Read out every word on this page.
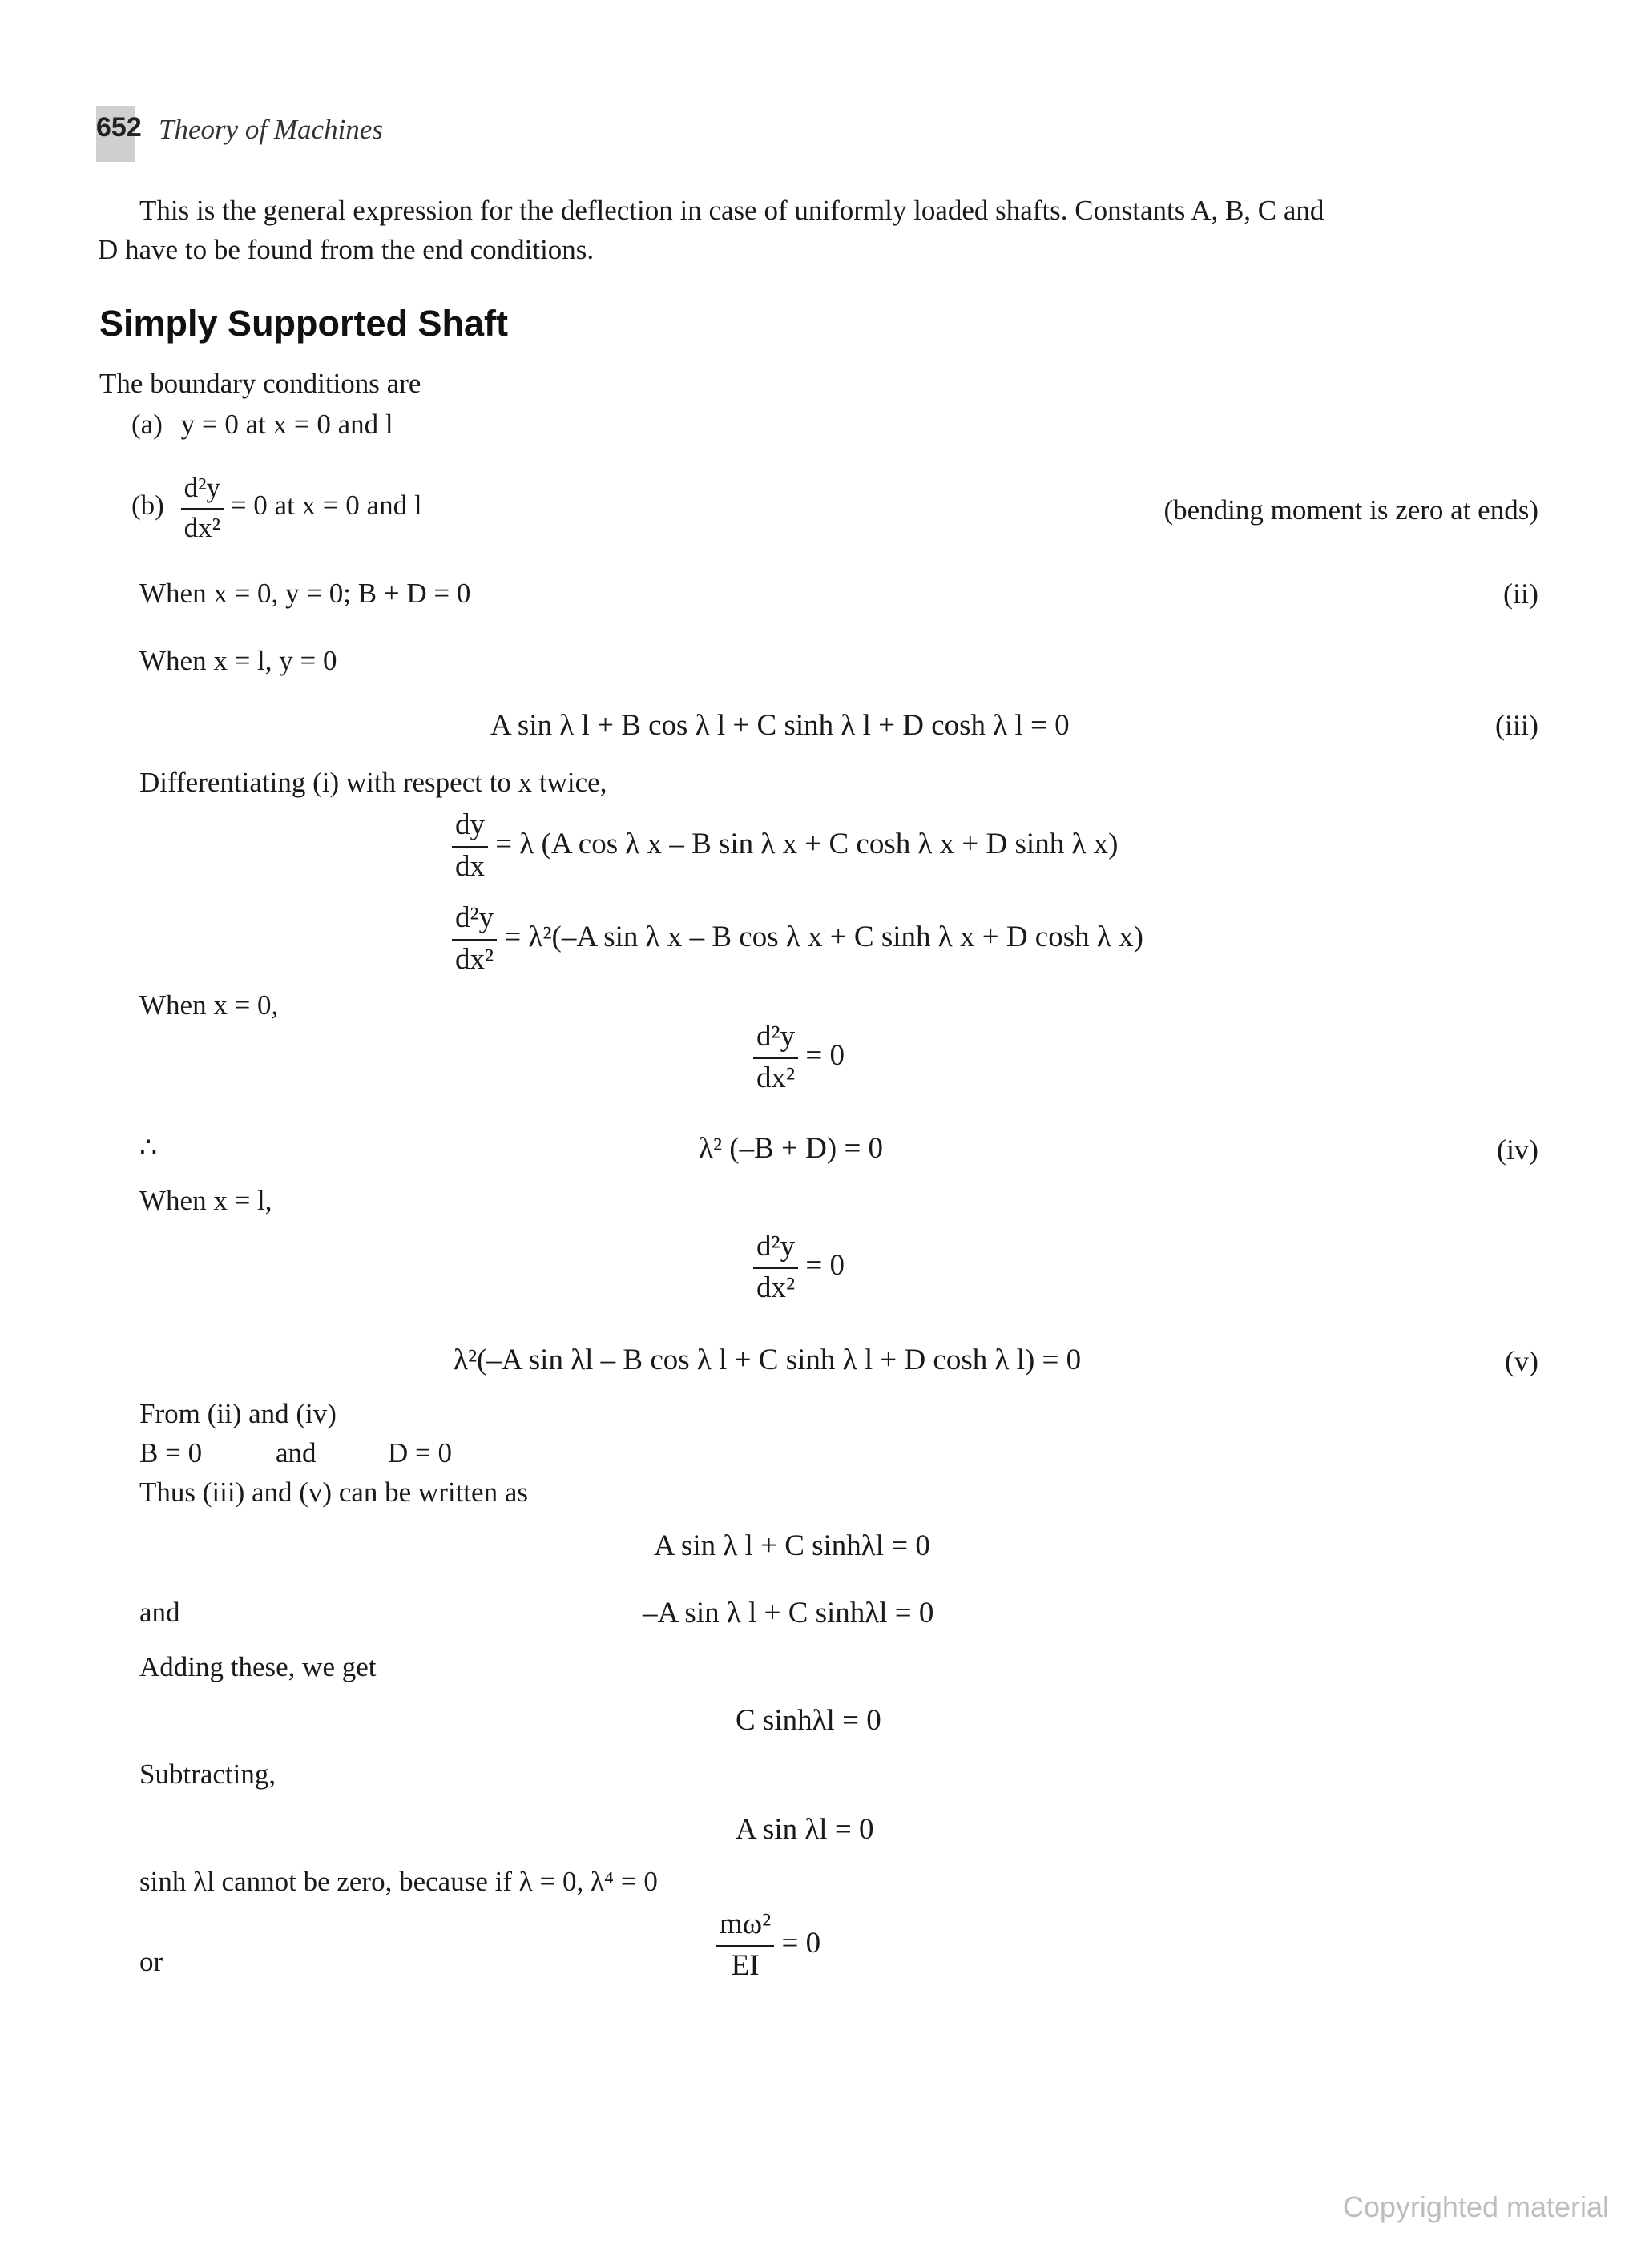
652 Theory of Machines
This is the general expression for the deflection in case of uniformly loaded shafts. Constants A, B, C and
D have to be found from the end conditions.
Simply Supported Shaft
The boundary conditions are
(a) y = 0 at x = 0 and l
$(b) \frac{\text{d²y}}{\text{dx²}} = 0$ at x = 0 and l	(bending moment is zero at ends)
When x = 0, y = 0; B + D = 0	(ii)
When x = l, y = 0
A sin λ l + B cos λ l + C sinh λ l + D cosh λ l = 0	(iii)
Differentiating (i) with respect to x twice,
$\frac{dy}{dx} = \lambda$ (A cos λ x – B sin λ x + C cosh λ x + D sinh λ x)
$\frac{\text{d²y}}{\text{dx²}} = \lambda^2(-A$ sin λ x – B cos λ x + C sinh λ x + D cosh λ x)
When x = 0,
$\frac{\text{d²y}}{\text{dx²}} = 0$
∴	λ² (–B + D) = 0	(iv)
When x = l,
$\frac{\text{d²y}}{\text{dx²}} = 0$
λ²(–A sin λl – B cos λ l + C sinh λ l + D cosh λ l) = 0	(v)
From (ii) and (iv)
B = 0	and	D = 0
Thus (iii) and (v) can be written as
A sin λ l + C sinhλl = 0
and	–A sin λ l + C sinhλl = 0
Adding these, we get
C sinhλl = 0
Subtracting,
A sin λl = 0
sinh λl cannot be zero, because if λ = 0, λ⁴ = 0
or	$\frac{\text{mω²}}{EI} = 0$
Copyrighted material
